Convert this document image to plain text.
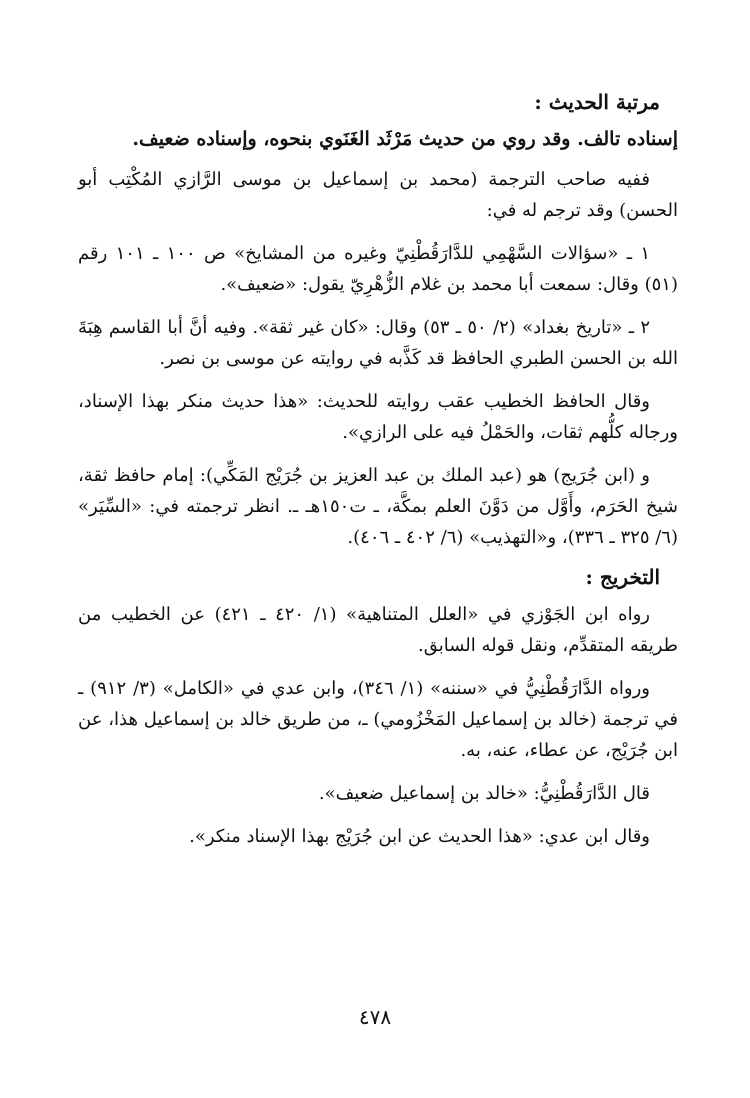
مرتبة الحديث :

إسناده تالف. وقد روي من حديث مَرْثَد الغَنَوي بنحوه، وإسناده ضعيف.

ففيه صاحب الترجمة (محمد بن إسماعيل بن موسى الرَّازي المُكْتِب أبو الحسن) وقد ترجم له في:

١ ـ «سؤالات السَّهْمِي للدَّارَقُطْنِيّ وغيره من المشايخ» ص ١٠٠ ـ ١٠١ رقم (٥١) وقال: سمعت أبا محمد بن غلام الزُّهْرِيّ يقول: «ضعيف».

٢ ـ «تاريخ بغداد» (٢/ ٥٠ ـ ٥٣) وقال: «كان غير ثقة». وفيه أنَّ أبا القاسم هِبَةَ الله بن الحسن الطبري الحافظ قد كَذَّبه في روايته عن موسى بن نصر.

وقال الحافظ الخطيب عقب روايته للحديث: «هذا حديث منكر بهذا الإسناد، ورجاله كلُّهم ثقات، والحَمْلُ فيه على الرازي».

و (ابن جُرَيج) هو (عبد الملك بن عبد العزيز بن جُرَيْج المَكِّي): إمام حافظ ثقة، شيخ الحَرَم، وأَوَّل من دَوَّنَ العلم بمكَّة، ـ ت١٥٠هـ ـ. انظر ترجمته في: «السِّيَر» (٦/ ٣٢٥ ـ ٣٣٦)، و«التهذيب» (٦/ ٤٠٢ ـ ٤٠٦).

التخريج :

رواه ابن الجَوْزي في «العلل المتناهية» (١/ ٤٢٠ ـ ٤٢١) عن الخطيب من طريقه المتقدِّم، ونقل قوله السابق.

ورواه الدَّارَقُطْنِيُّ في «سننه» (١/ ٣٤٦)، وابن عدي في «الكامل» (٣/ ٩١٢) ـ في ترجمة (خالد بن إسماعيل المَخْزُومي) ـ، من طريق خالد بن إسماعيل هذا، عن ابن جُرَيْج، عن عطاء، عنه، به.

قال الدَّارَقُطْنِيُّ: «خالد بن إسماعيل ضعيف».

وقال ابن عدي: «هذا الحديث عن ابن جُرَيْج بهذا الإسناد منكر».

٤٧٨
